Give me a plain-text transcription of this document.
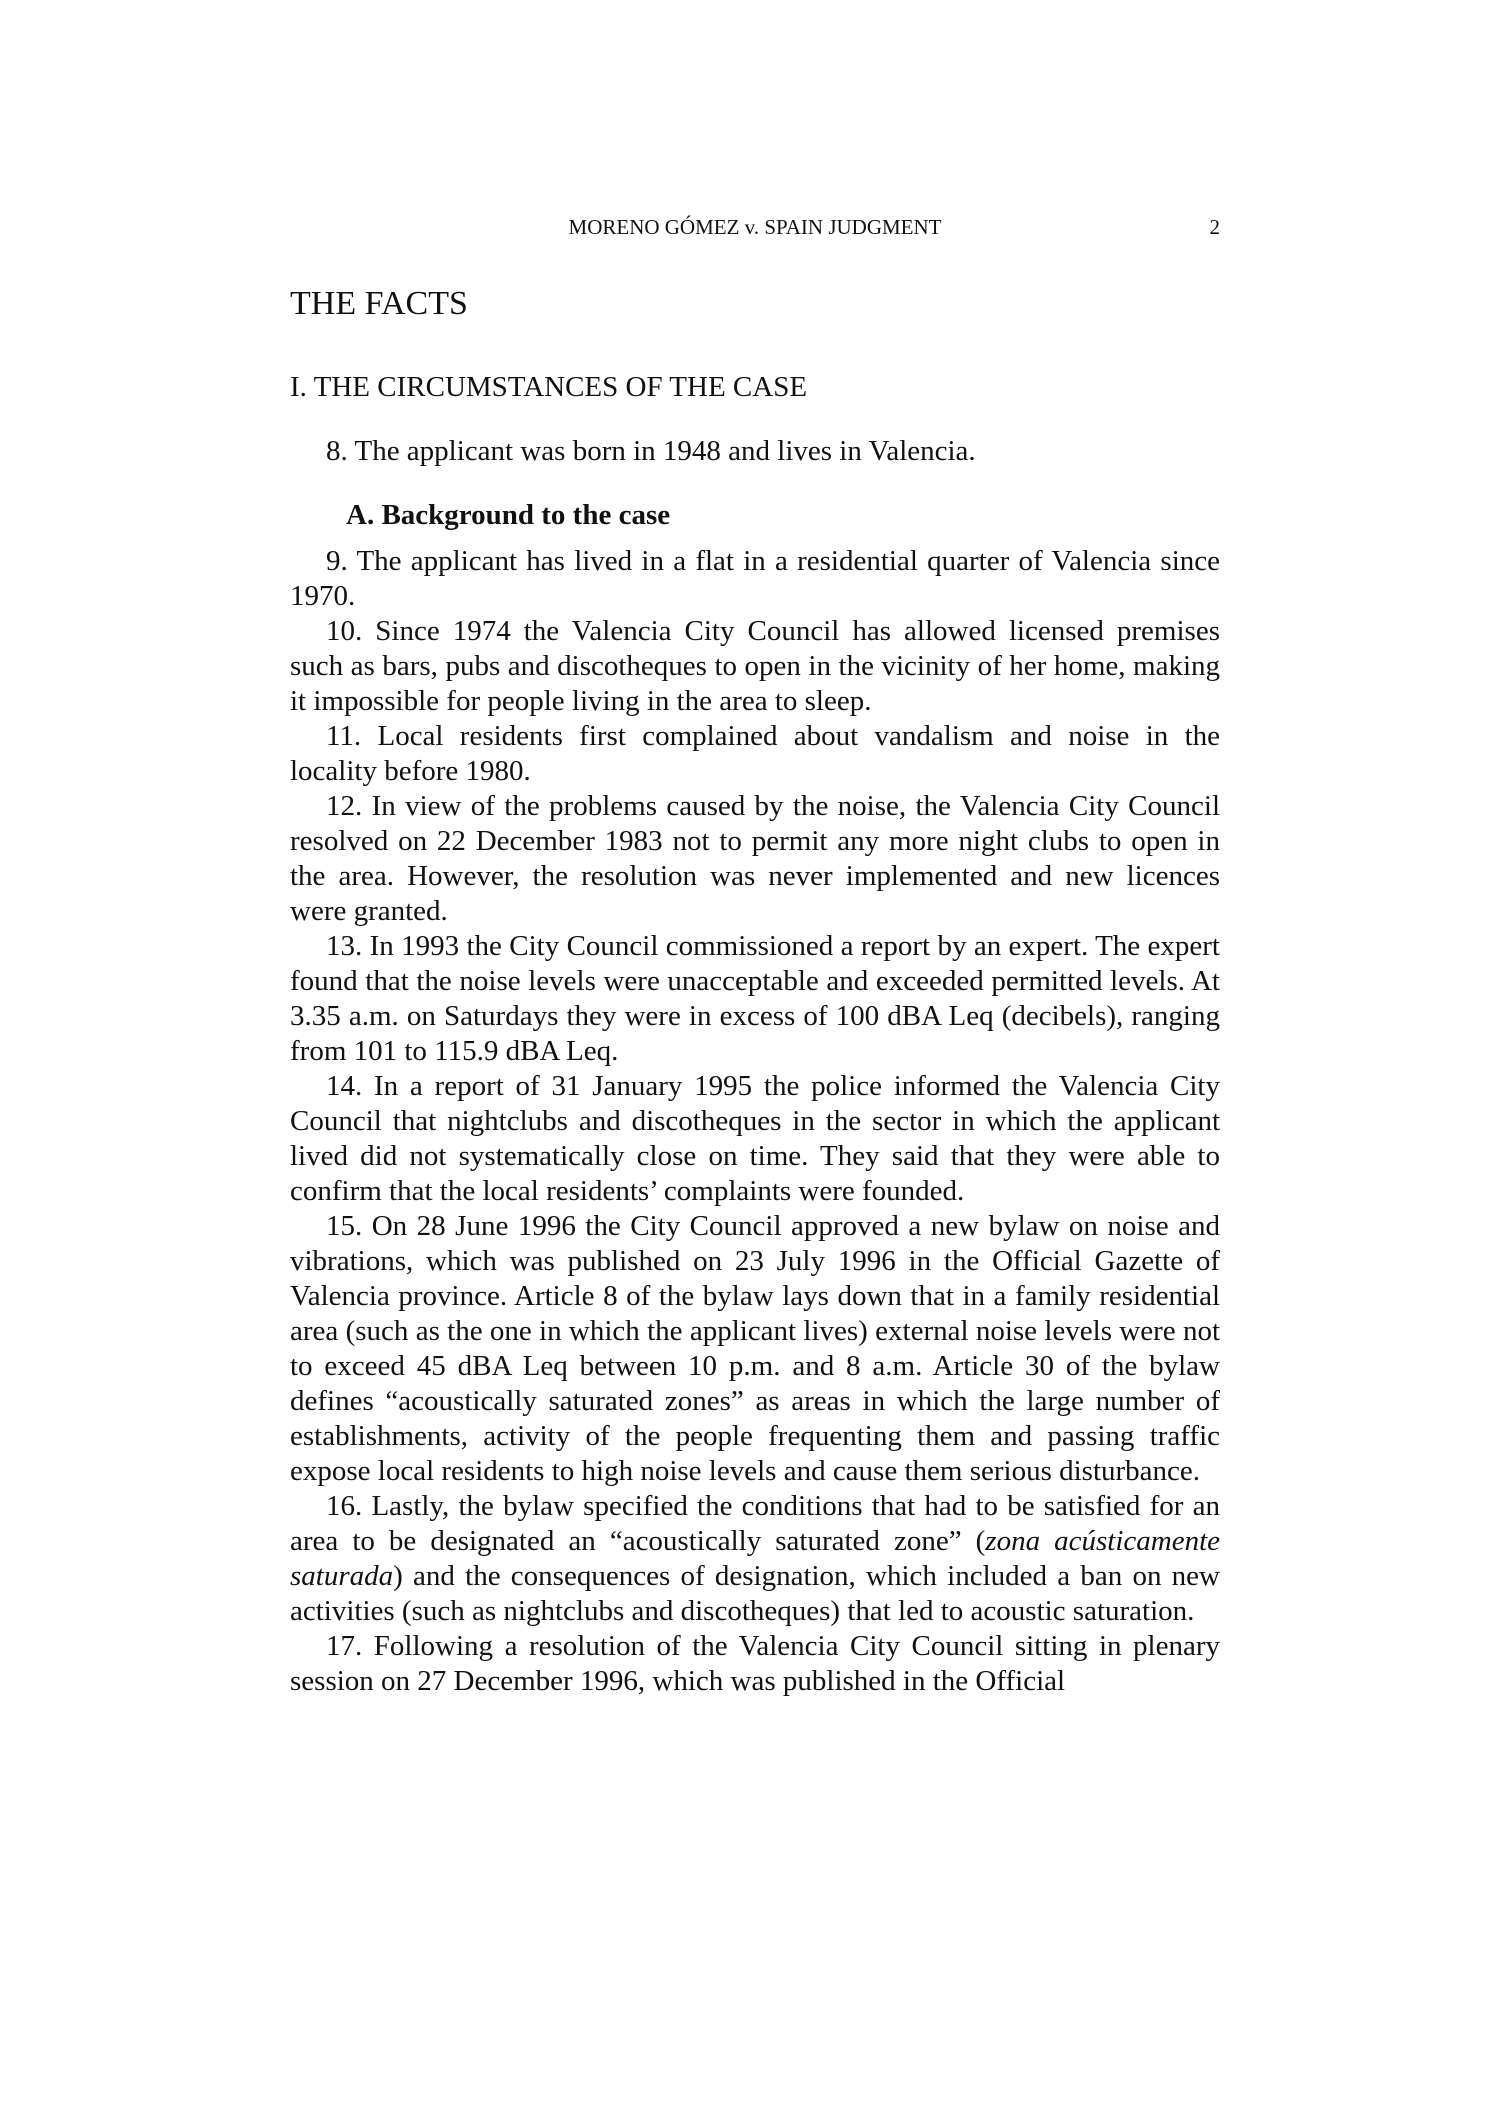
MORENO GÓMEZ v. SPAIN JUDGMENT	2
THE FACTS
I. THE CIRCUMSTANCES OF THE CASE

8. The applicant was born in 1948 and lives in Valencia.

A. Background to the case

9. The applicant has lived in a flat in a residential quarter of Valencia since 1970.

10. Since 1974 the Valencia City Council has allowed licensed premises such as bars, pubs and discotheques to open in the vicinity of her home, making it impossible for people living in the area to sleep.

11. Local residents first complained about vandalism and noise in the locality before 1980.

12. In view of the problems caused by the noise, the Valencia City Council resolved on 22 December 1983 not to permit any more night clubs to open in the area. However, the resolution was never implemented and new licences were granted.

13. In 1993 the City Council commissioned a report by an expert. The expert found that the noise levels were unacceptable and exceeded permitted levels. At 3.35 a.m. on Saturdays they were in excess of 100 dBA Leq (decibels), ranging from 101 to 115.9 dBA Leq.

14. In a report of 31 January 1995 the police informed the Valencia City Council that nightclubs and discotheques in the sector in which the applicant lived did not systematically close on time. They said that they were able to confirm that the local residents’ complaints were founded.

15. On 28 June 1996 the City Council approved a new bylaw on noise and vibrations, which was published on 23 July 1996 in the Official Gazette of Valencia province. Article 8 of the bylaw lays down that in a family residential area (such as the one in which the applicant lives) external noise levels were not to exceed 45 dBA Leq between 10 p.m. and 8 a.m. Article 30 of the bylaw defines “acoustically saturated zones” as areas in which the large number of establishments, activity of the people frequenting them and passing traffic expose local residents to high noise levels and cause them serious disturbance.

16. Lastly, the bylaw specified the conditions that had to be satisfied for an area to be designated an “acoustically saturated zone” (zona acústicamente saturada) and the consequences of designation, which included a ban on new activities (such as nightclubs and discotheques) that led to acoustic saturation.

17. Following a resolution of the Valencia City Council sitting in plenary session on 27 December 1996, which was published in the Official
